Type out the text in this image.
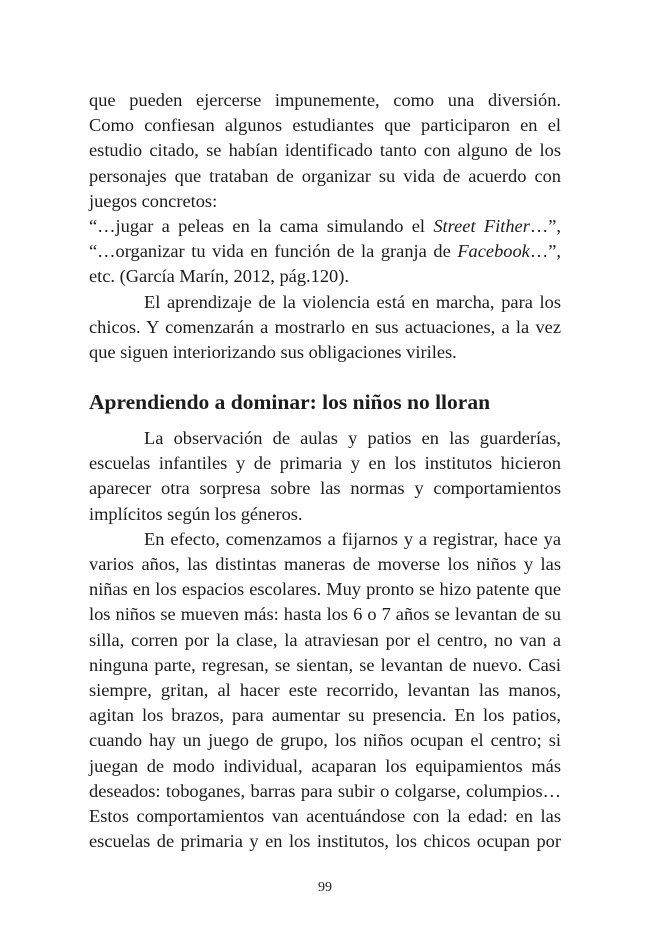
que pueden ejercerse impunemente, como una diversión.
Como confiesan algunos estudiantes que participaron en el
estudio citado, se habían identificado tanto con alguno de los
personajes que trataban de organizar su vida de acuerdo con
juegos concretos:
“…jugar a peleas en la cama simulando el Street Fither…”,
“…organizar tu vida en función de la granja de Facebook…”,
etc. (García Marín, 2012, pág.120).
El aprendizaje de la violencia está en marcha, para los
chicos. Y comenzarán a mostrarlo en sus actuaciones, a la vez
que siguen interiorizando sus obligaciones viriles.
Aprendiendo a dominar: los niños no lloran
La observación de aulas y patios en las guarderías,
escuelas infantiles y de primaria y en los institutos hicieron
aparecer otra sorpresa sobre las normas y comportamientos
implícitos según los géneros.
En efecto, comenzamos a fijarnos y a registrar, hace ya
varios años, las distintas maneras de moverse los niños y las
niñas en los espacios escolares. Muy pronto se hizo patente que
los niños se mueven más: hasta los 6 o 7 años se levantan de su
silla, corren por la clase, la atraviesan por el centro, no van a
ninguna parte, regresan, se sientan, se levantan de nuevo. Casi
siempre, gritan, al hacer este recorrido, levantan las manos,
agitan los brazos, para aumentar su presencia. En los patios,
cuando hay un juego de grupo, los niños ocupan el centro; si
juegan de modo individual, acaparan los equipamientos más
deseados: toboganes, barras para subir o colgarse, columpios…
Estos comportamientos van acentuándose con la edad: en las
escuelas de primaria y en los institutos, los chicos ocupan por
99
